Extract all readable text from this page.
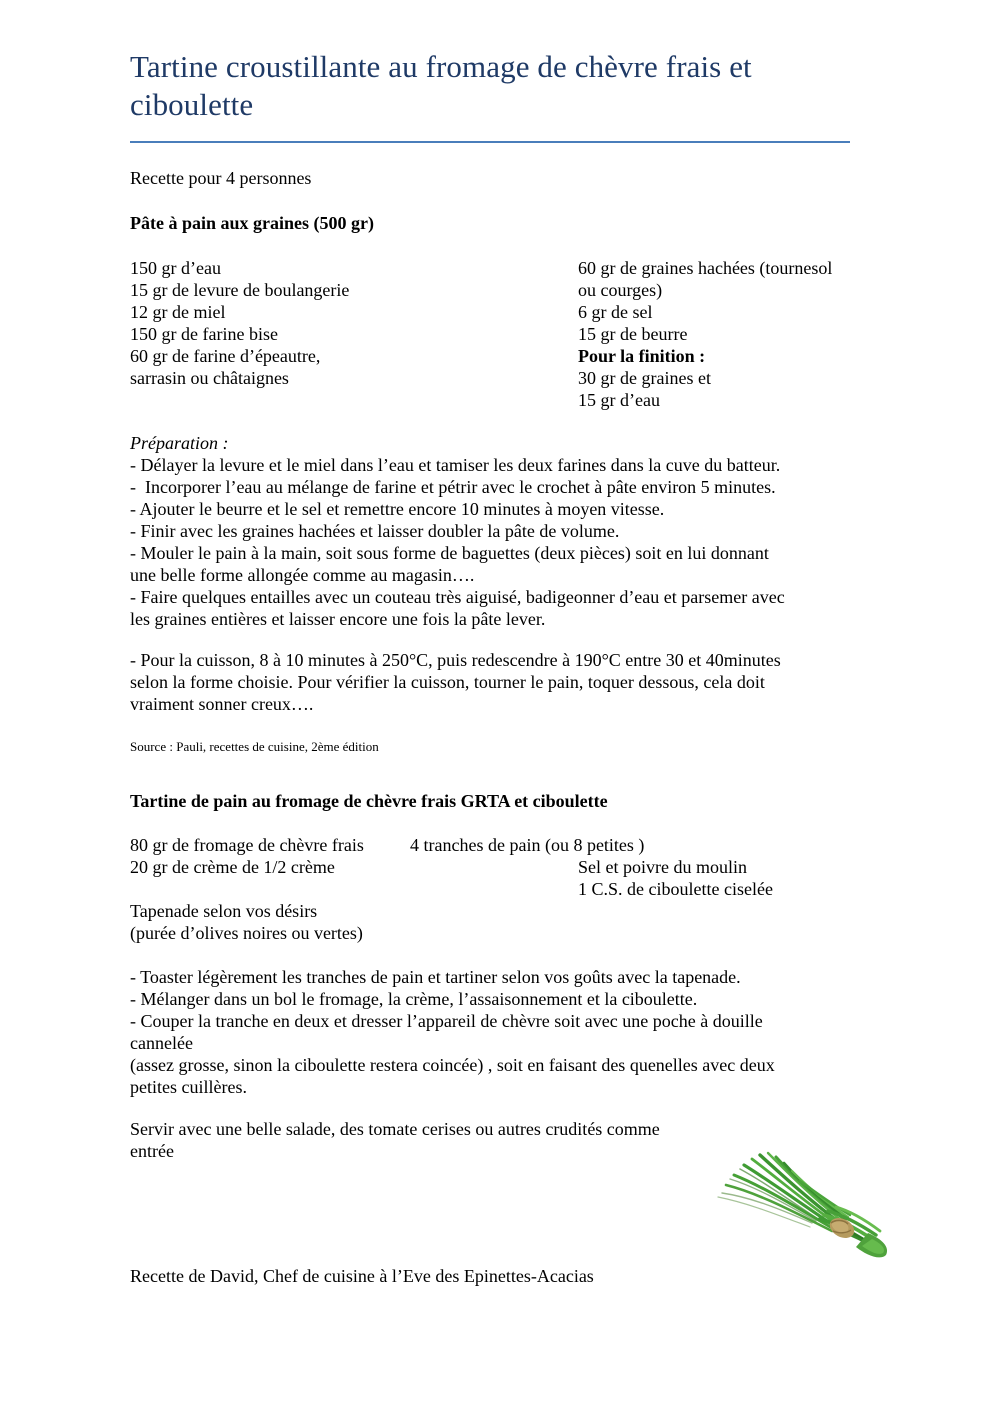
Tartine croustillante au fromage de chèvre frais et ciboulette
Recette pour 4 personnes
Pâte à pain aux graines (500 gr)
150 gr d’eau
15 gr de levure de boulangerie
12 gr de miel
150 gr de farine bise
60 gr de farine d’épeautre,
sarrasin ou châtaignes
60 gr de graines hachées (tournesol
ou courges)
6 gr de sel
15 gr de beurre
Pour la finition :
30 gr de graines et
15 gr d’eau
Préparation :
- Délayer la levure et le miel dans l’eau et tamiser les deux farines dans la cuve du batteur.
-  Incorporer l’eau au mélange de farine et pétrir avec le crochet à pâte environ 5 minutes.
- Ajouter le beurre et le sel et remettre encore 10 minutes à moyen vitesse.
- Finir avec les graines hachées et laisser doubler la pâte de volume.
- Mouler le pain à la main, soit sous forme de baguettes (deux pièces) soit en lui donnant
une belle forme allongée comme au magasin….
- Faire quelques entailles avec un couteau très aiguisé, badigeonner d’eau et parsemer avec
les graines entières et laisser encore une fois la pâte lever.
- Pour la cuisson, 8 à 10 minutes à 250°C, puis redescendre à 190°C entre 30 et 40minutes
selon la forme choisie. Pour vérifier la cuisson, tourner le pain, toquer dessous, cela doit
vraiment sonner creux….
Source : Pauli, recettes de cuisine, 2ème édition
Tartine de pain au fromage de chèvre frais GRTA et ciboulette
80 gr de fromage de chèvre frais
20 gr de crème de 1/2 crème
4 tranches de pain (ou 8 petites )
Sel et poivre du moulin
1 C.S. de ciboulette ciselée
Tapenade selon vos désirs
(purée d’olives noires ou vertes)
- Toaster légèrement les tranches de pain et tartiner selon vos goûts avec la tapenade.
- Mélanger dans un bol le fromage, la crème, l’assaisonnement et la ciboulette.
- Couper la tranche en deux et dresser l’appareil de chèvre soit avec une poche à douille
cannelée
(assez grosse, sinon la ciboulette restera coincée) , soit en faisant des quenelles avec deux
petites cuillères.
Servir avec une belle salade, des tomate cerises ou autres crudités comme
entrée
Recette de David, Chef de cuisine à l’Eve des Epinettes-Acacias
